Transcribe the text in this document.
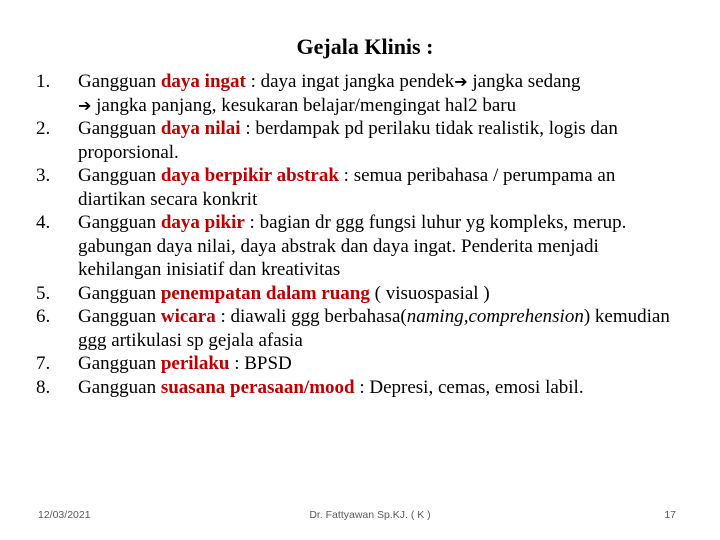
Gejala Klinis :
1.	Gangguan daya ingat : daya ingat jangka pendek➔ jangka sedang
➔ jangka panjang, kesukaran belajar/mengingat hal2 baru
2.	Gangguan daya nilai : berdampak pd perilaku tidak realistik, logis dan proporsional.
3.	Gangguan daya berpikir abstrak : semua peribahasa / perumpama an diartikan secara konkrit
4.	Gangguan daya pikir : bagian dr ggg fungsi luhur yg kompleks, merup. gabungan daya nilai, daya abstrak dan daya ingat. Penderita menjadi kehilangan inisiatif dan kreativitas
5.	Gangguan penempatan dalam ruang ( visuospasial )
6.	Gangguan wicara : diawali ggg berbahasa(naming,comprehension) kemudian ggg artikulasi sp gejala afasia
7.	Gangguan perilaku : BPSD
8.	Gangguan suasana perasaan/mood : Depresi, cemas, emosi labil.
12/03/2021	Dr. Fattyawan Sp.KJ. ( K )	17
